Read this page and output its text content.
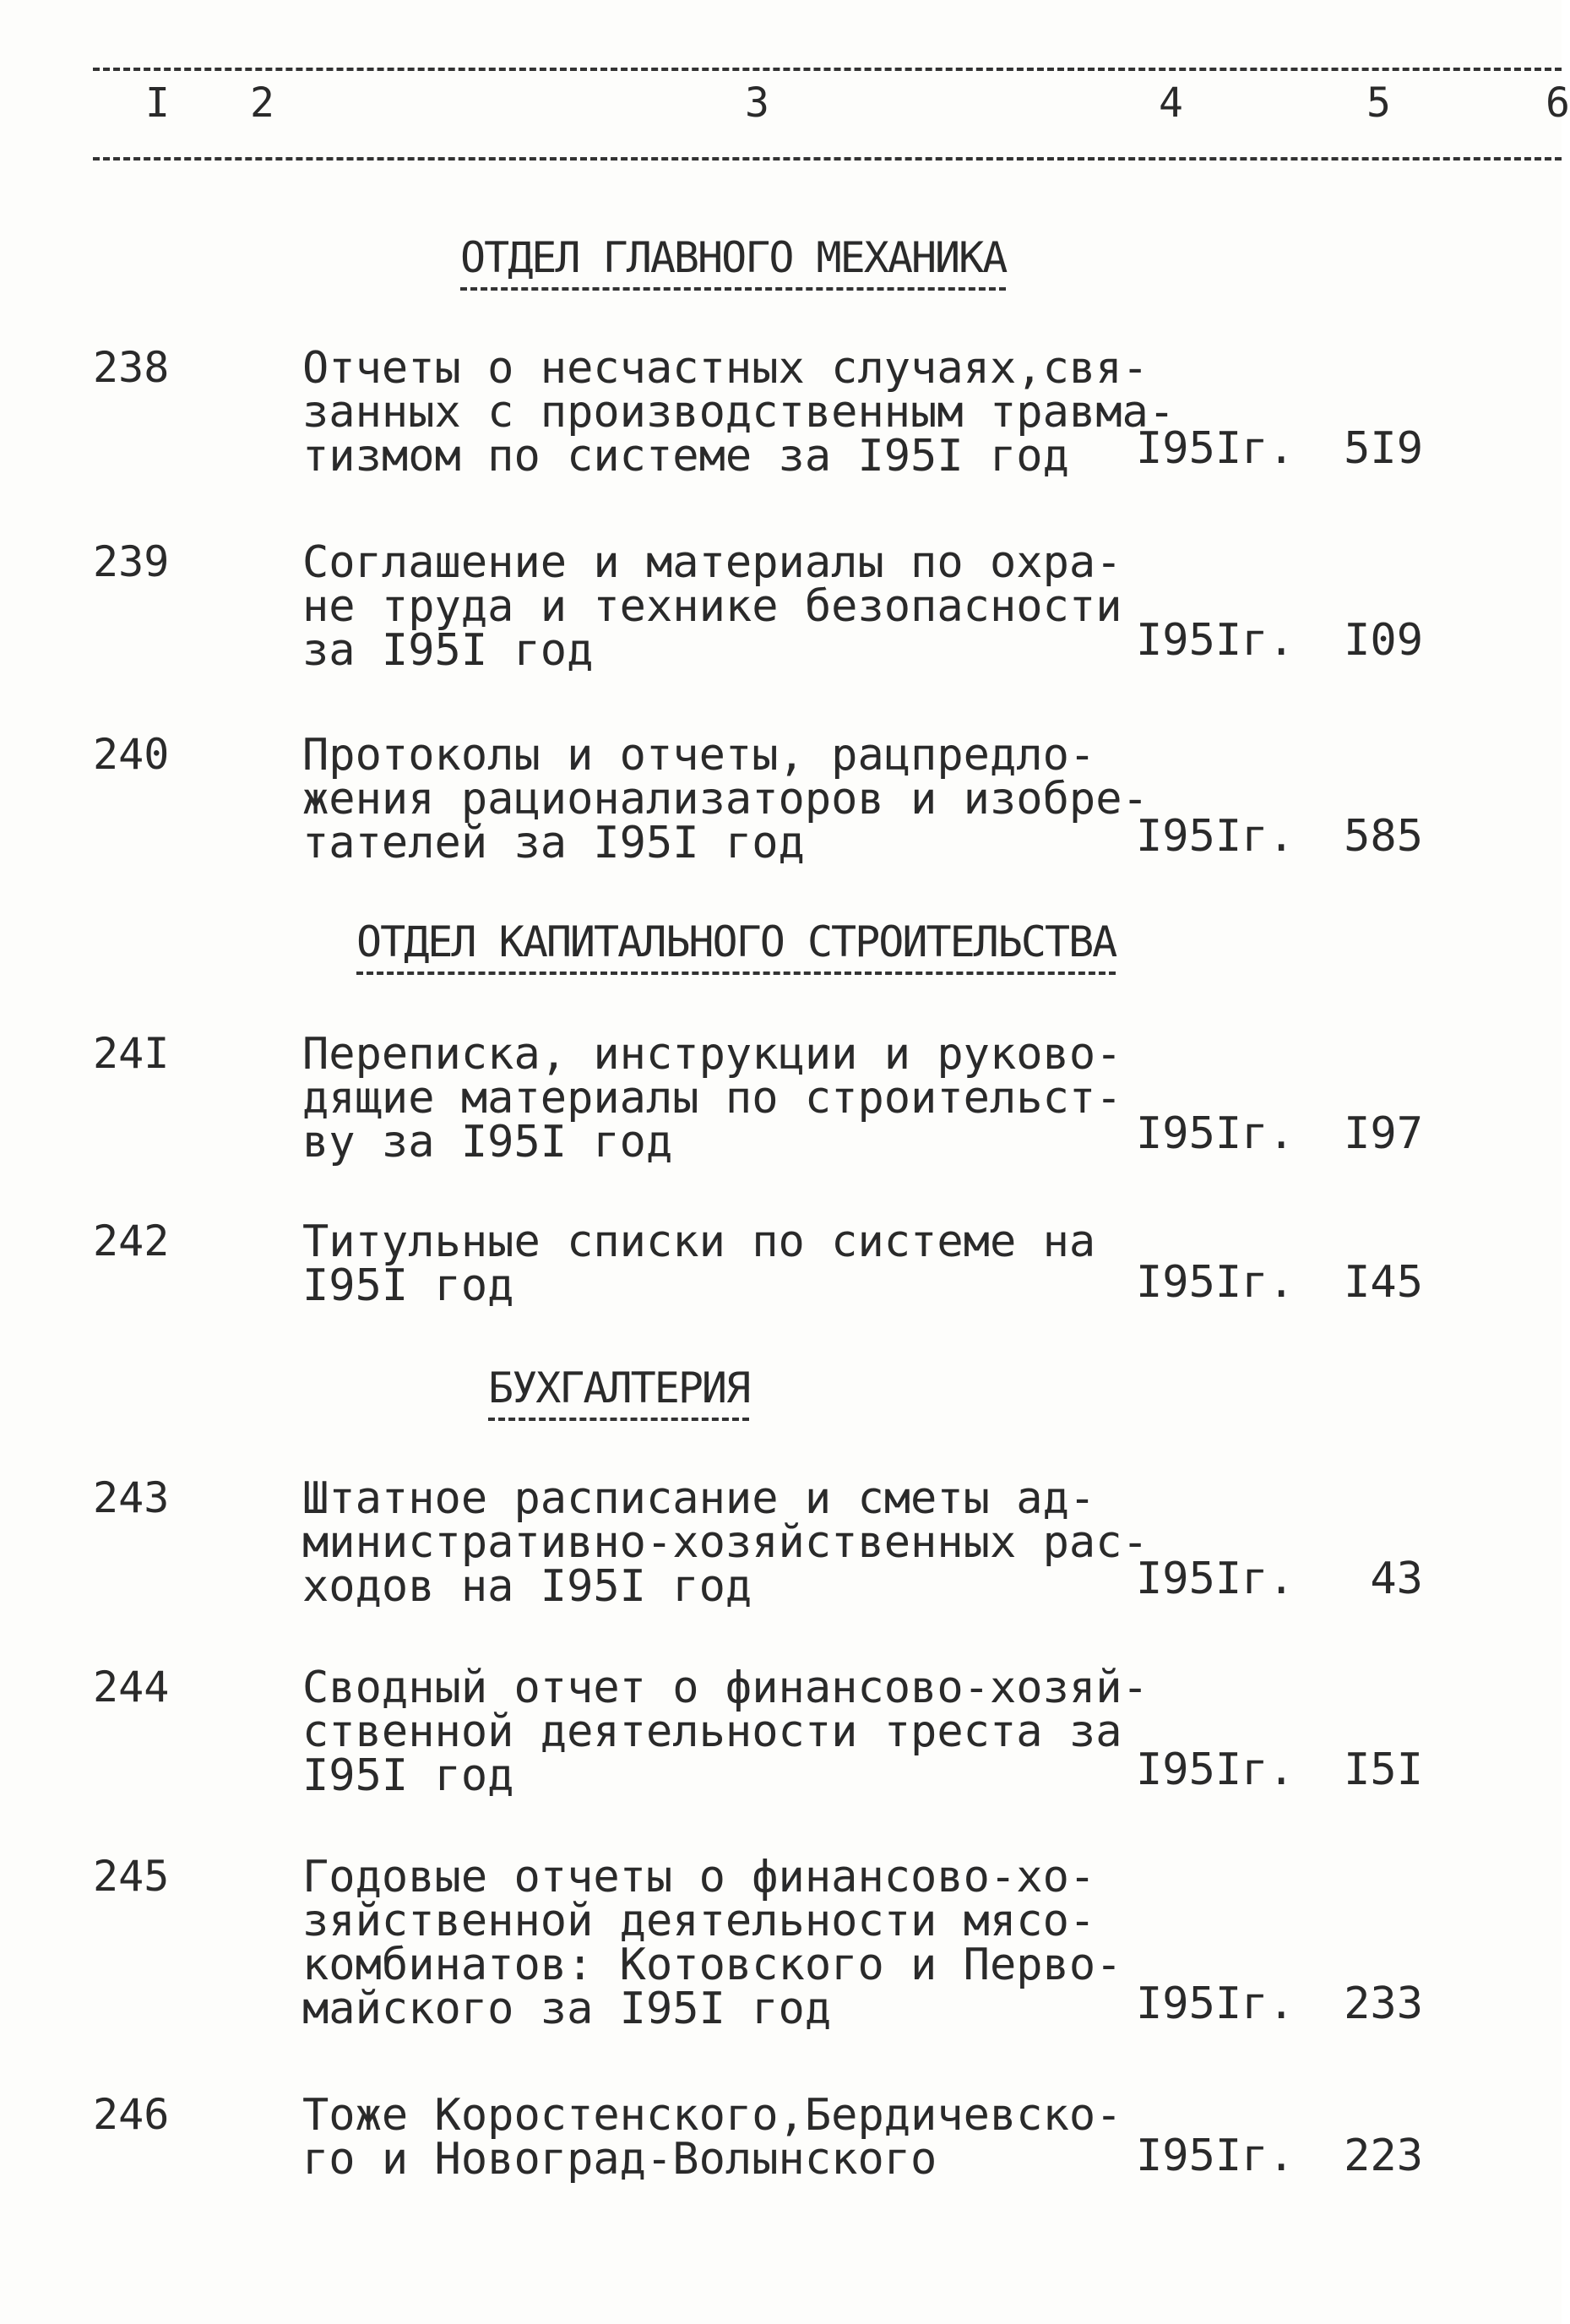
I 2	3	4	5	6
ОТДЕЛ ГЛАВНОГО МЕХАНИКА
238	Отчеты о несчастных случаях,свя-
занных с производственным травма-
тизмом по системе за I95I год	I95Iг.	5I9
239	Соглашение и материалы по охра-
не труда и технике безопасности
за I95I год	I95Iг.	I09
240	Протоколы и отчеты, рацпредло-
жения рационализаторов и изобре-
тателей за I95I год	I95Iг.	585
ОТДЕЛ КАПИТАЛЬНОГО СТРОИТЕЛЬСТВА
24I	Переписка, инструкции и руково-
дящие материалы по строительст-
ву за I95I год	I95Iг.	I97
242	Титульные списки по системе на
I95I год	I95Iг.	I45
БУХГАЛТЕРИЯ
243	Штатное расписание и сметы ад-
министративно-хозяйственных рас-
ходов на I95I год	I95Iг.	43
244	Сводный отчет о финансово-хозяй-
ственной деятельности треста за
I95I год	I95Iг.	I5I
245	Годовые отчеты о финансово-хо-
зяйственной деятельности мясо-
комбинатов: Котовского и Перво-
майского за I95I год	I95Iг.	233
246	Тоже Коростенского,Бердичевско-
го и Новоград-Волынского	I95Iг.	223
